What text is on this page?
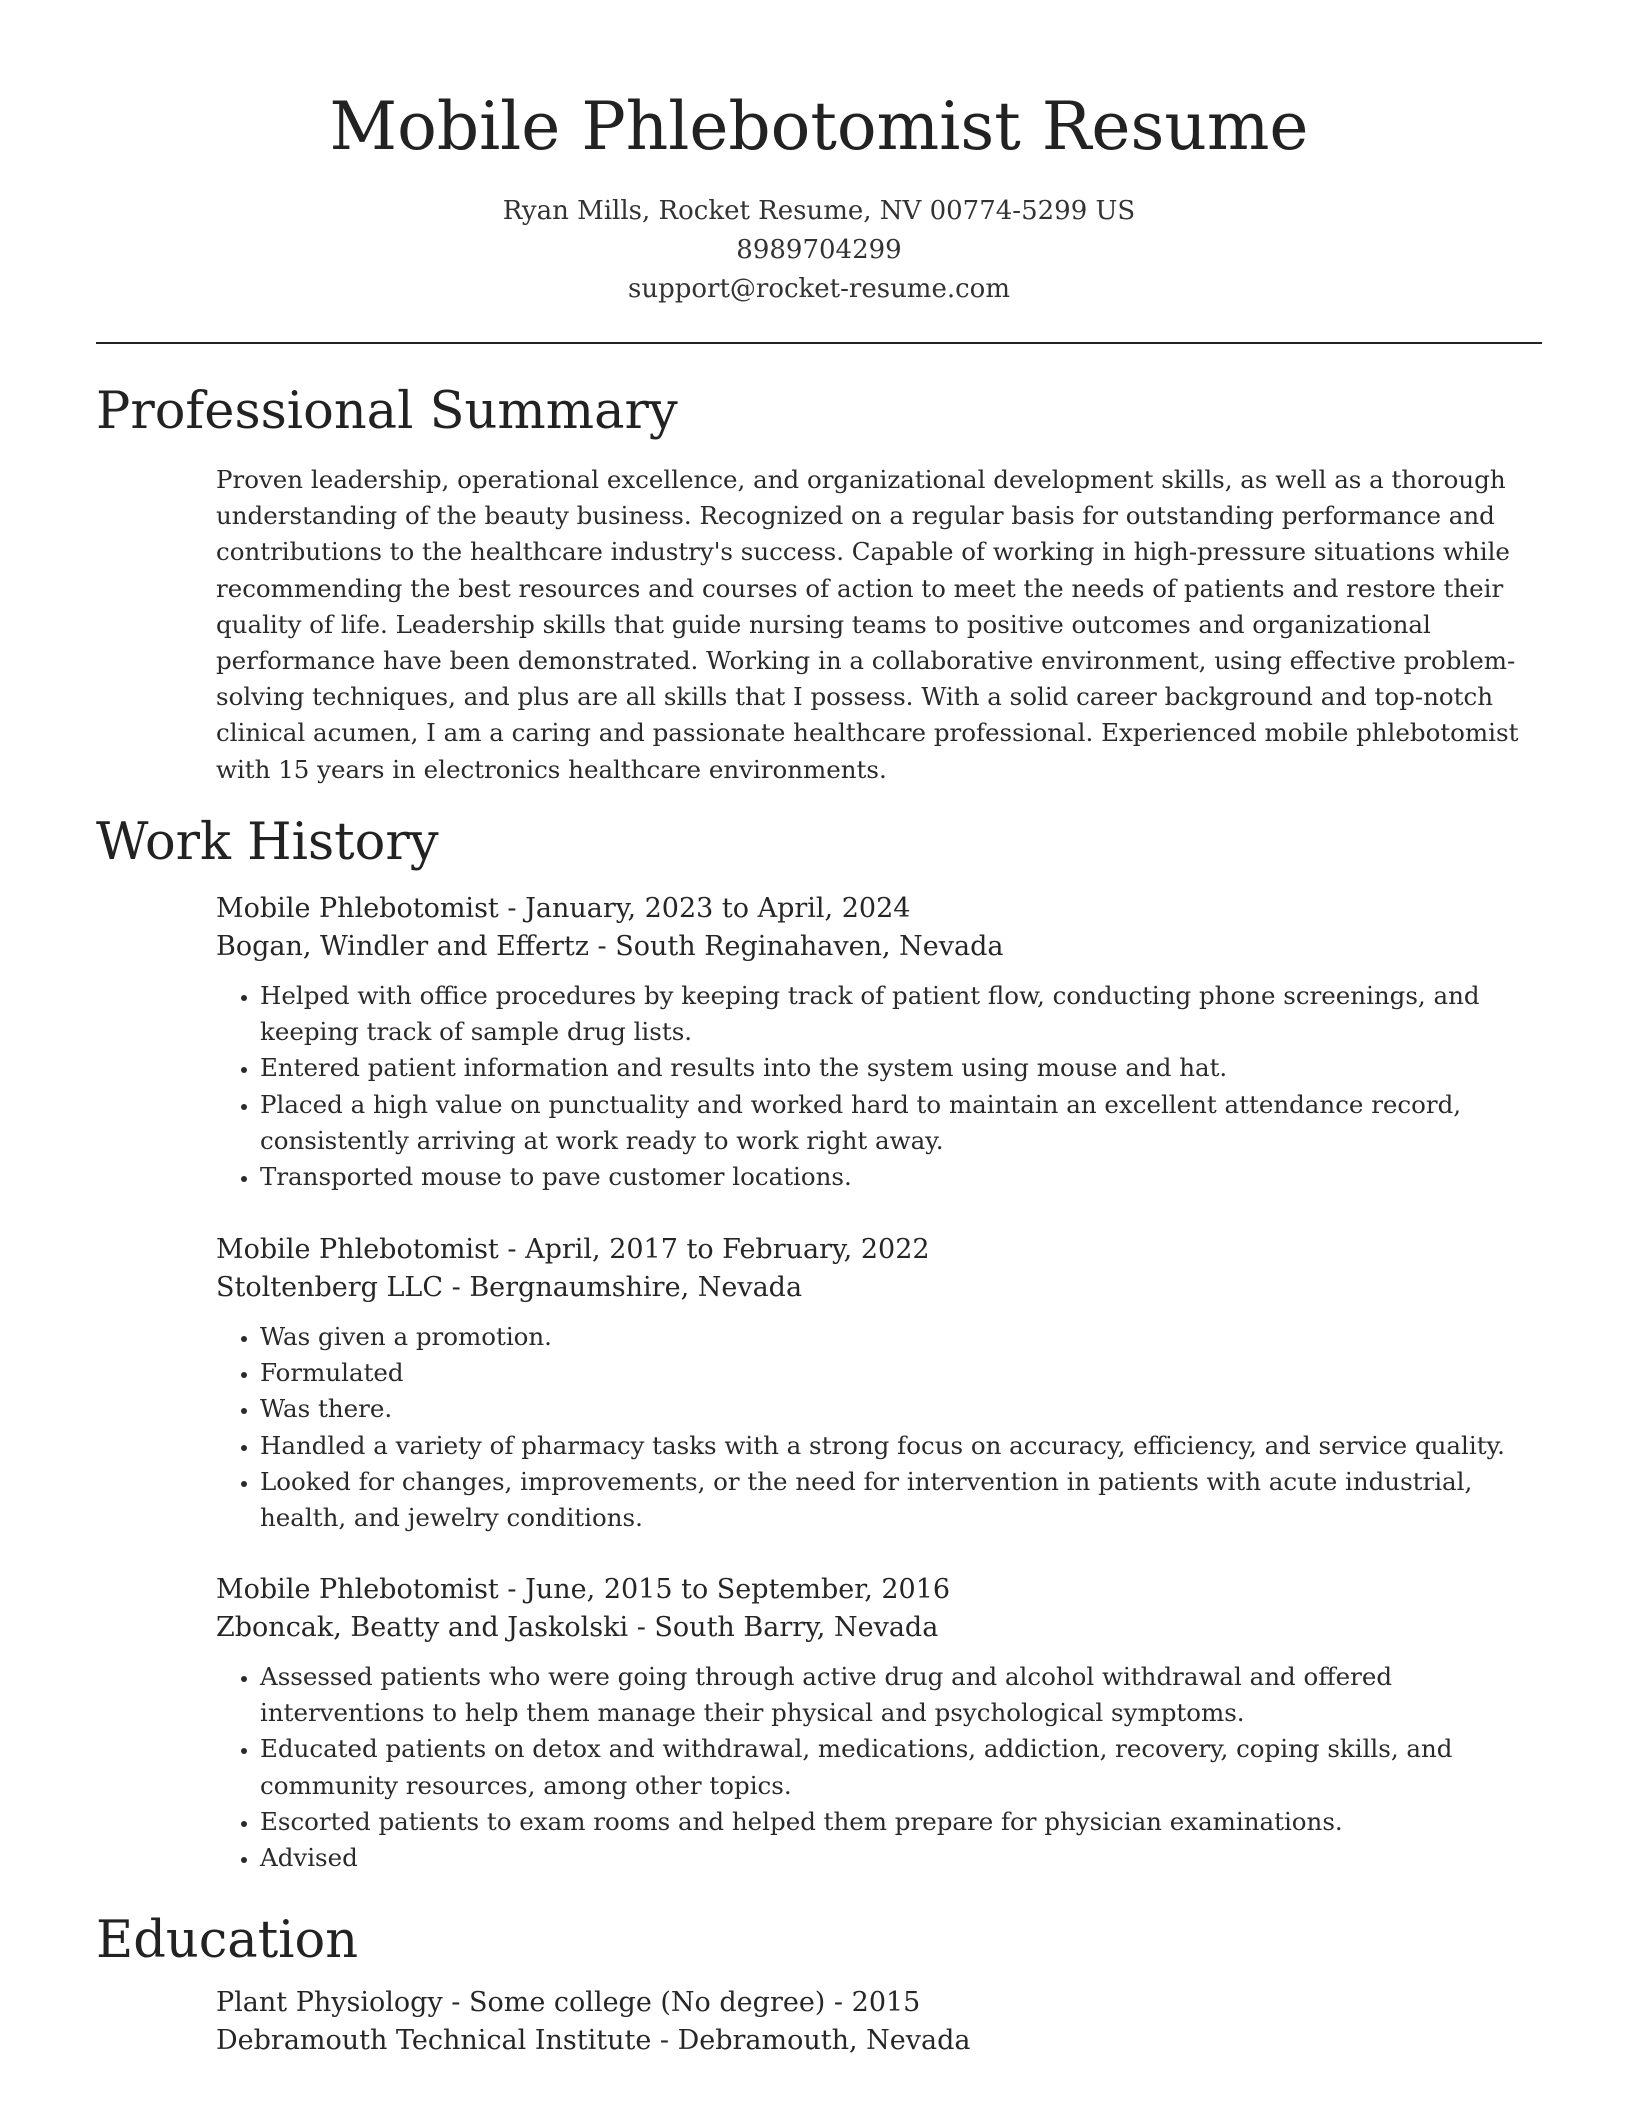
Mobile Phlebotomist Resume
Ryan Mills, Rocket Resume, NV 00774-5299 US
8989704299
support@rocket-resume.com
Professional Summary

Proven leadership, operational excellence, and organizational development skills, as well as a thorough understanding of the beauty business. Recognized on a regular basis for outstanding performance and contributions to the healthcare industry's success. Capable of working in high-pressure situations while recommending the best resources and courses of action to meet the needs of patients and restore their quality of life. Leadership skills that guide nursing teams to positive outcomes and organizational performance have been demonstrated. Working in a collaborative environment, using effective problem-solving techniques, and plus are all skills that I possess. With a solid career background and top-notch clinical acumen, I am a caring and passionate healthcare professional. Experienced mobile phlebotomist with 15 years in electronics healthcare environments.

Work History
Mobile Phlebotomist - January, 2023 to April, 2024
Bogan, Windler and Effertz - South Reginahaven, Nevada
• Helped with office procedures by keeping track of patient flow, conducting phone screenings, and keeping track of sample drug lists.
• Entered patient information and results into the system using mouse and hat.
• Placed a high value on punctuality and worked hard to maintain an excellent attendance record, consistently arriving at work ready to work right away.
• Transported mouse to pave customer locations.
Mobile Phlebotomist - April, 2017 to February, 2022
Stoltenberg LLC - Bergnaumshire, Nevada
• Was given a promotion.
• Formulated
• Was there.
• Handled a variety of pharmacy tasks with a strong focus on accuracy, efficiency, and service quality.
• Looked for changes, improvements, or the need for intervention in patients with acute industrial, health, and jewelry conditions.
Mobile Phlebotomist - June, 2015 to September, 2016
Zboncak, Beatty and Jaskolski - South Barry, Nevada
• Assessed patients who were going through active drug and alcohol withdrawal and offered interventions to help them manage their physical and psychological symptoms.
• Educated patients on detox and withdrawal, medications, addiction, recovery, coping skills, and community resources, among other topics.
• Escorted patients to exam rooms and helped them prepare for physician examinations.
• Advised
Education
Plant Physiology - Some college (No degree) - 2015
Debramouth Technical Institute - Debramouth, Nevada
